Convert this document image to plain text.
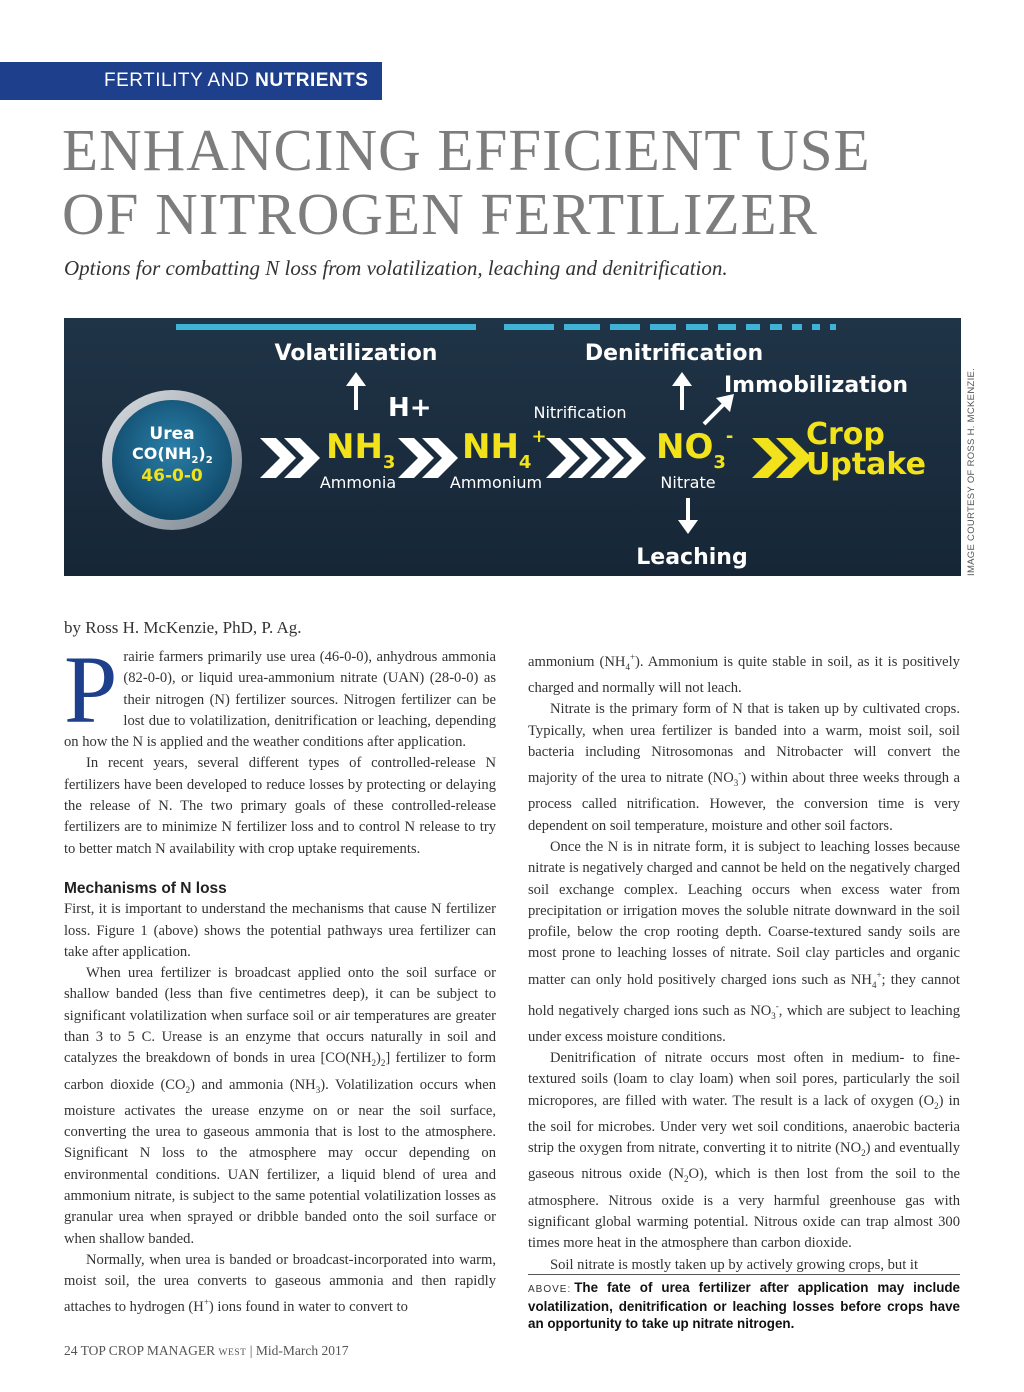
FERTILITY AND NUTRIENTS
ENHANCING EFFICIENT USE
OF NITROGEN FERTILIZER
Options for combatting N loss from volatilization, leaching and denitrification.
Urea
$CO(NH_2)_2$
46-0-0
$NH_3$
Ammonia
Volatilization
H+
$NH_4^+$
Ammonium
Nitrification
$NO_3^-$
Nitrate
Denitrification
Immobilization
Crop
Uptake
Leaching	IMAGE COURTESY OF ROSS H. MCKENZIE.
by Ross H. McKenzie, PhD, P. Ag.

Prairie farmers primarily use urea (46-0-0), anhydrous ammonia (82-0-0), or liquid urea-ammonium nitrate (UAN) (28-0-0) as their nitrogen (N) fertilizer sources. Nitrogen fertilizer can be lost due to volatilization, denitrification or leaching, depending on how the N is applied and the weather conditions after application.

In recent years, several different types of controlled-release N fertilizers have been developed to reduce losses by protecting or delaying the release of N. The two primary goals of these controlled-release fertilizers are to minimize N fertilizer loss and to control N release to try to better match N availability with crop uptake requirements.

Mechanisms of N loss

First, it is important to understand the mechanisms that cause N fertilizer loss. Figure 1 (above) shows the potential pathways urea fertilizer can take after application.

When urea fertilizer is broadcast applied onto the soil surface or shallow banded (less than five centimetres deep), it can be subject to significant volatilization when surface soil or air temperatures are greater than 3 to 5 C. Urease is an enzyme that occurs naturally in soil and catalyzes the breakdown of bonds in urea $[CO(NH_2)_2]$ fertilizer to form carbon dioxide $(CO_2)$ and ammonia $(NH_3)$. Volatilization occurs when moisture activates the urease enzyme on or near the soil surface, converting the urea to gaseous ammonia that is lost to the atmosphere. Significant N loss to the atmosphere may occur depending on environmental conditions. UAN fertilizer, a liquid blend of urea and ammonium nitrate, is subject to the same potential volatilization losses as granular urea when sprayed or dribble banded onto the soil surface or when shallow banded.

Normally, when urea is banded or broadcast-incorporated into warm, moist soil, the urea converts to gaseous ammonia and then rapidly attaches to hydrogen (H+) ions found in water to convert to

ammonium $(NH_4^+)$. Ammonium is quite stable in soil, as it is positively charged and normally will not leach.

Nitrate is the primary form of N that is taken up by cultivated crops. Typically, when urea fertilizer is banded into a warm, moist soil, soil bacteria including Nitrosomonas and Nitrobacter will convert the majority of the urea to nitrate $(NO_3^-)$ within about three weeks through a process called nitrification. However, the conversion time is very dependent on soil temperature, moisture and other soil factors.

Once the N is in nitrate form, it is subject to leaching losses because nitrate is negatively charged and cannot be held on the negatively charged soil exchange complex. Leaching occurs when excess water from precipitation or irrigation moves the soluble nitrate downward in the soil profile, below the crop rooting depth. Coarse-textured sandy soils are most prone to leaching losses of nitrate. Soil clay particles and organic matter can only hold positively charged ions such as $NH_4^+$; they cannot hold negatively charged ions such as $NO_3^-$, which are subject to leaching under excess moisture conditions.

Denitrification of nitrate occurs most often in medium- to fine-textured soils (loam to clay loam) when soil pores, particularly the soil micropores, are filled with water. The result is a lack of oxygen $(O_2)$ in the soil for microbes. Under very wet soil conditions, anaerobic bacteria strip the oxygen from nitrate, converting it to nitrite $(NO_2)$ and eventually gaseous nitrous oxide $(N_2O)$, which is then lost from the soil to the atmosphere. Nitrous oxide is a very harmful greenhouse gas with significant global warming potential. Nitrous oxide can trap almost 300 times more heat in the atmosphere than carbon dioxide.

Soil nitrate is mostly taken up by actively growing crops, but it

ABOVE: The fate of urea fertilizer after application may include volatilization, denitrification or leaching losses before crops have an opportunity to take up nitrate nitrogen.
24 TOP CROP MANAGER WEST | Mid-March 2017
